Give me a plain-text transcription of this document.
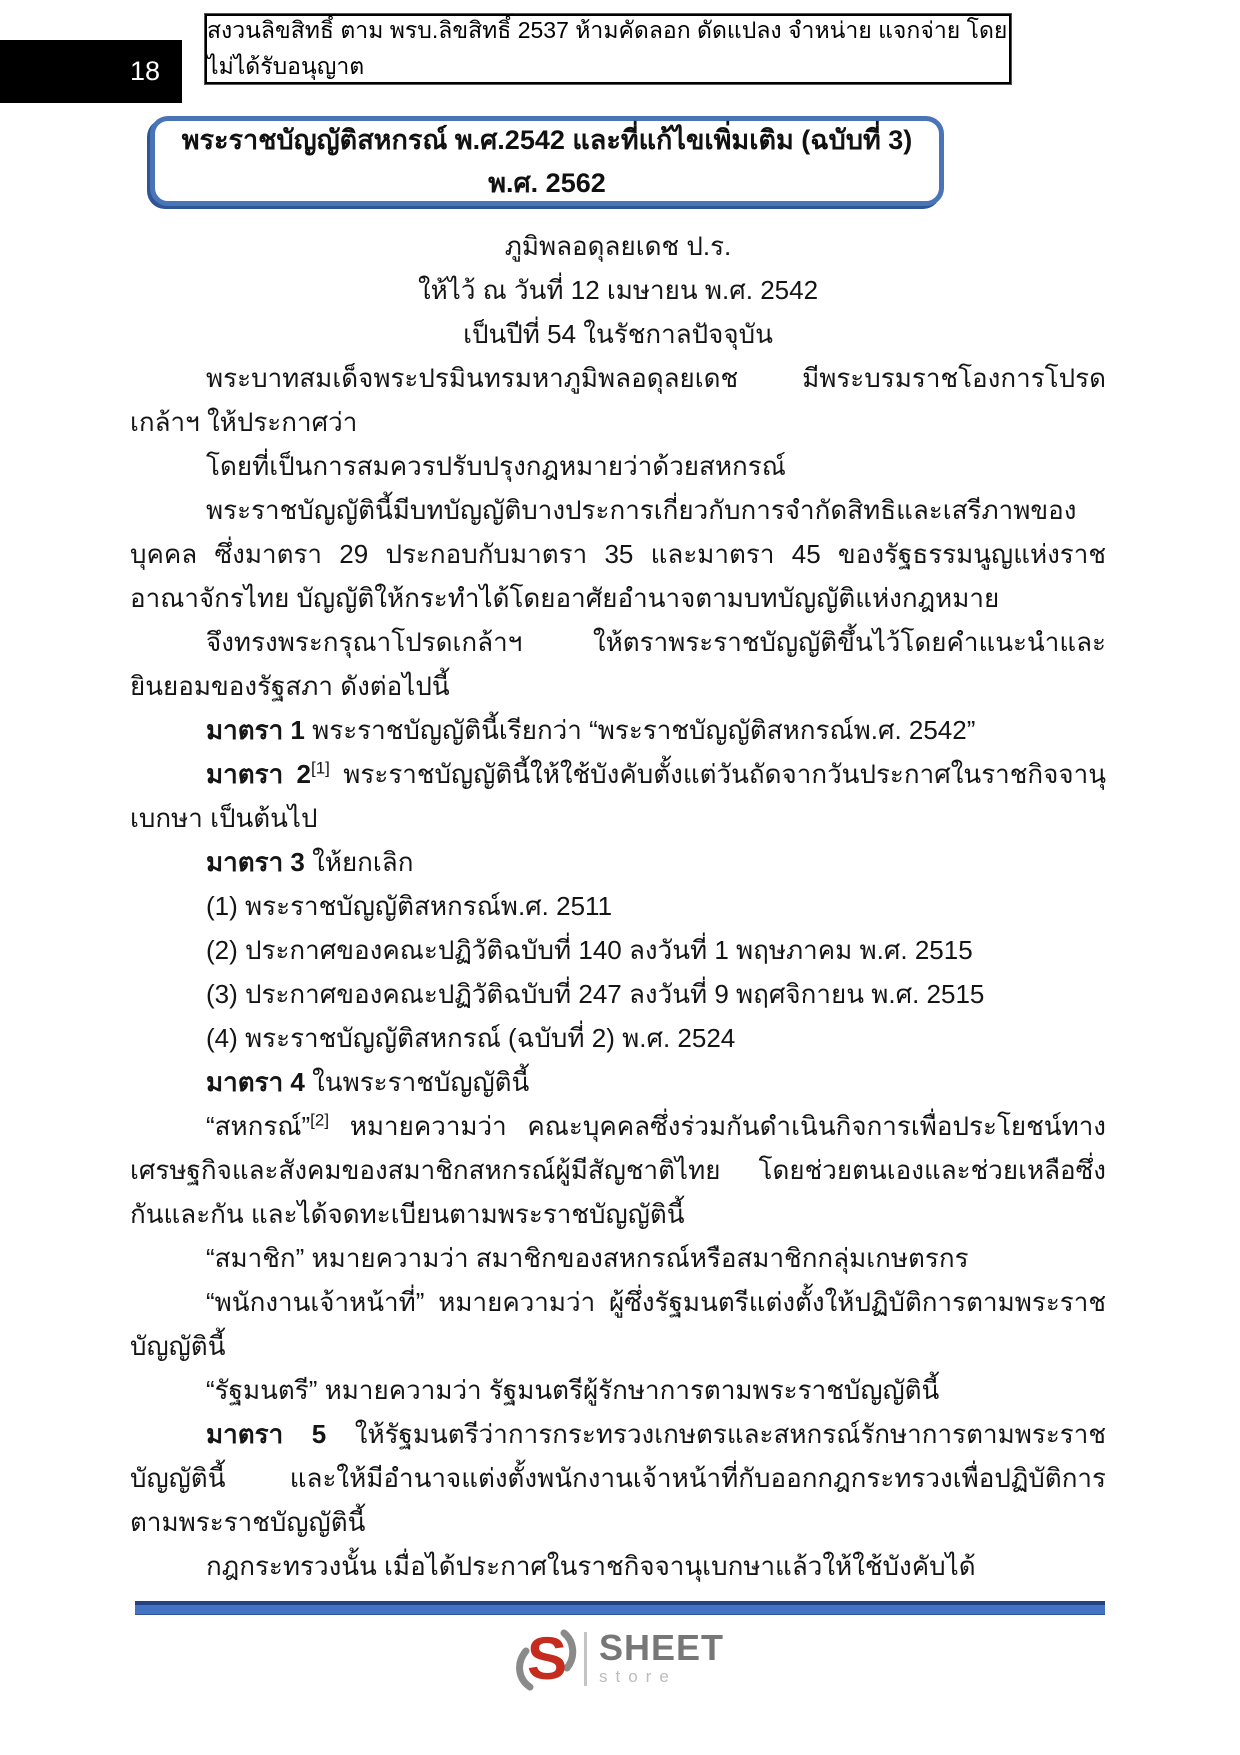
สงวนลิขสิทธิ์ ตาม พรบ.ลิขสิทธิ์ 2537 ห้ามคัดลอก ดัดแปลง จำหน่าย แจกจ่าย โดยไม่ได้รับอนุญาต
18
พระราชบัญญัติสหกรณ์ พ.ศ.2542 และที่แก้ไขเพิ่มเติม (ฉบับที่ 3) พ.ศ. 2562
ภูมิพลอดุลยเดช ป.ร.
ให้ไว้ ณ วันที่ 12 เมษายน พ.ศ. 2542
เป็นปีที่ 54 ในรัชกาลปัจจุบัน

พระบาทสมเด็จพระปรมินทรมหาภูมิพลอดุลยเดช มีพระบรมราชโองการโปรดเกล้าฯ ให้ประกาศว่า

โดยที่เป็นการสมควรปรับปรุงกฎหมายว่าด้วยสหกรณ์

พระราชบัญญัตินี้มีบทบัญญัติบางประการเกี่ยวกับการจำกัดสิทธิและเสรีภาพของบุคคล ซึ่งมาตรา 29 ประกอบกับมาตรา 35 และมาตรา 45 ของรัฐธรรมนูญแห่งราชอาณาจักรไทย บัญญัติให้กระทำได้โดยอาศัยอำนาจตามบทบัญญัติแห่งกฎหมาย

จึงทรงพระกรุณาโปรดเกล้าฯ ให้ตราพระราชบัญญัติขึ้นไว้โดยคำแนะนำและยินยอมของรัฐสภา ดังต่อไปนี้

มาตรา 1 พระราชบัญญัตินี้เรียกว่า “พระราชบัญญัติสหกรณ์พ.ศ. 2542”

มาตรา 2[1] พระราชบัญญัตินี้ให้ใช้บังคับตั้งแต่วันถัดจากวันประกาศในราชกิจจานุเบกษา เป็นต้นไป

มาตรา 3 ให้ยกเลิก

(1) พระราชบัญญัติสหกรณ์พ.ศ. 2511

(2) ประกาศของคณะปฏิวัติฉบับที่ 140 ลงวันที่ 1 พฤษภาคม พ.ศ. 2515

(3) ประกาศของคณะปฏิวัติฉบับที่ 247 ลงวันที่ 9 พฤศจิกายน พ.ศ. 2515

(4) พระราชบัญญัติสหกรณ์ (ฉบับที่ 2) พ.ศ. 2524

มาตรา 4 ในพระราชบัญญัตินี้

“สหกรณ์”[2] หมายความว่า คณะบุคคลซึ่งร่วมกันดำเนินกิจการเพื่อประโยชน์ทางเศรษฐกิจและสังคมของสมาชิกสหกรณ์ผู้มีสัญชาติไทย โดยช่วยตนเองและช่วยเหลือซึ่งกันและกัน และได้จดทะเบียนตามพระราชบัญญัตินี้

“สมาชิก” หมายความว่า สมาชิกของสหกรณ์หรือสมาชิกกลุ่มเกษตรกร

“พนักงานเจ้าหน้าที่” หมายความว่า ผู้ซึ่งรัฐมนตรีแต่งตั้งให้ปฏิบัติการตามพระราชบัญญัตินี้

“รัฐมนตรี” หมายความว่า รัฐมนตรีผู้รักษาการตามพระราชบัญญัตินี้

มาตรา 5 ให้รัฐมนตรีว่าการกระทรวงเกษตรและสหกรณ์รักษาการตามพระราชบัญญัตินี้ และให้มีอำนาจแต่งตั้งพนักงานเจ้าหน้าที่กับออกกฎกระทรวงเพื่อปฏิบัติการตามพระราชบัญญัตินี้

กฎกระทรวงนั้น เมื่อได้ประกาศในราชกิจจานุเบกษาแล้วให้ใช้บังคับได้

S SHEET
store
